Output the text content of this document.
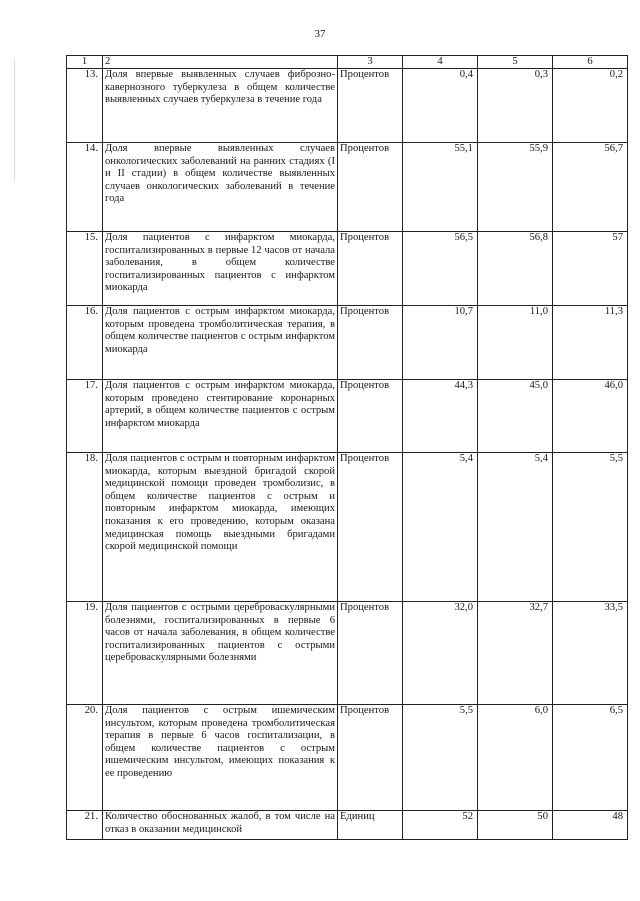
37
1	2	3	4	5	6
13.	Доля впервые выявленных случаев фиброзно-кавернозного туберкулеза в общем количестве выявленных случаев туберкулеза в течение года	Процентов	0,4	0,3	0,2
14.	Доля впервые выявленных случаев онкологических заболеваний на ранних стадиях (I и II стадии) в общем количестве выявленных случаев онкологических заболеваний в течение года	Процентов	55,1	55,9	56,7
15.	Доля пациентов с инфарктом миокарда, госпитализированных в первые 12 часов от начала заболевания, в общем количестве госпитализированных пациентов с инфарктом миокарда	Процентов	56,5	56,8	57
16.	Доля пациентов с острым инфарктом миокарда, которым проведена тромболитическая терапия, в общем количестве пациентов с острым инфарктом миокарда	Процентов	10,7	11,0	11,3
17.	Доля пациентов с острым инфарктом миокарда, которым проведено стентирование коронарных артерий, в общем количестве пациентов с острым инфарктом миокарда	Процентов	44,3	45,0	46,0
18.	Доля пациентов с острым и повторным инфарктом миокарда, которым выездной бригадой скорой медицинской помощи проведен тромболизис, в общем количестве пациентов с острым и повторным инфарктом миокарда, имеющих показания к его проведению, которым оказана медицинская помощь выездными бригадами скорой медицинской помощи	Процентов	5,4	5,4	5,5
19.	Доля пациентов с острыми цереброваскулярными болезнями, госпитализированных в первые 6 часов от начала заболевания, в общем количестве госпитализированных пациентов с острыми цереброваскулярными болезнями	Процентов	32,0	32,7	33,5
20.	Доля пациентов с острым ишемическим инсультом, которым проведена тромболитическая терапия в первые 6 часов госпитализации, в общем количестве пациентов с острым ишемическим инсультом, имеющих показания к ее проведению	Процентов	5,5	6,0	6,5
21.	Количество обоснованных жалоб, в том числе на отказ в оказании медицинской	Единиц	52	50	48
